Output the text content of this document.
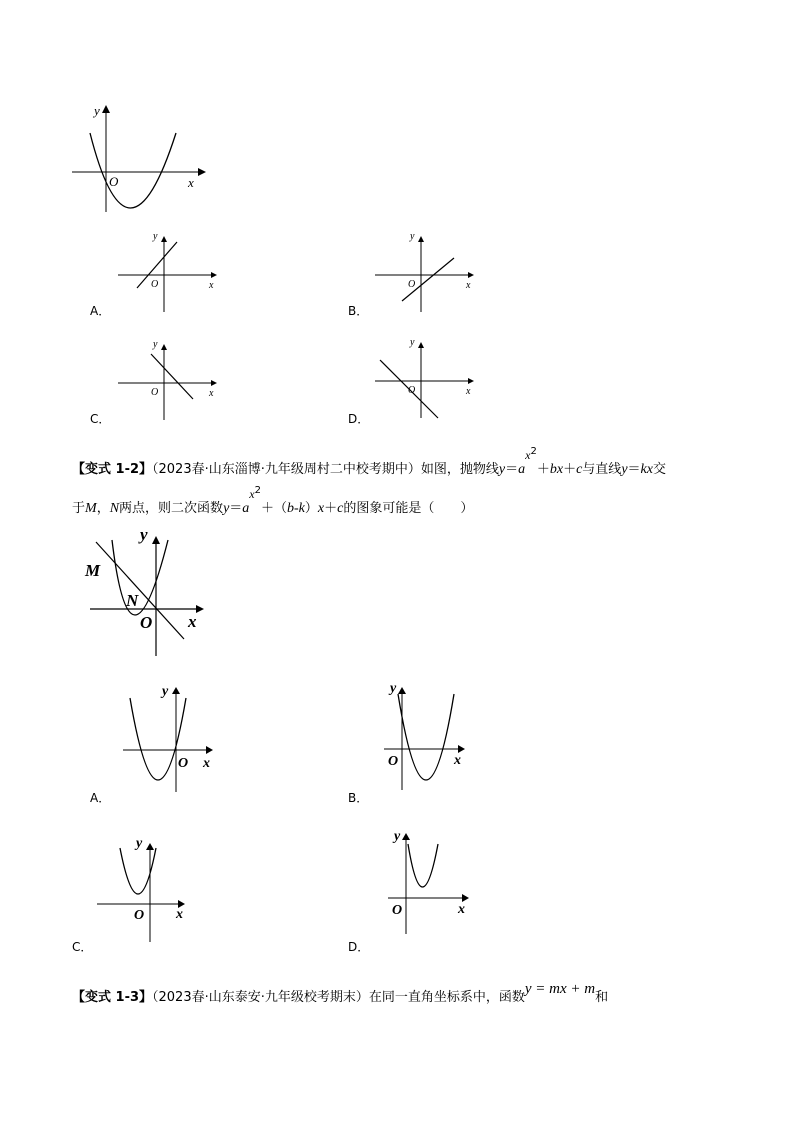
y
x
O
y
x
O
A．
y
x
O
B．
y
x
O
C．
y
x
O
D．
【变式 1-2】（2023春·山东淄博·九年级周村二中校考期中）如图，抛物线$y=a^{x2}+bx+c$与直线y＝kx交
于M，N两点，则二次函数$y=a^{x2}+(b-k)x+c$的图象可能是（　　）
y
x
O
M
N
y
x
O
A．
y
x
O
B．
y
x
O
C．
y
x
O
D．
【变式 1-3】（2023春·山东泰安·九年级校考期末）在同一直角坐标系中，函数y = mx + m和
